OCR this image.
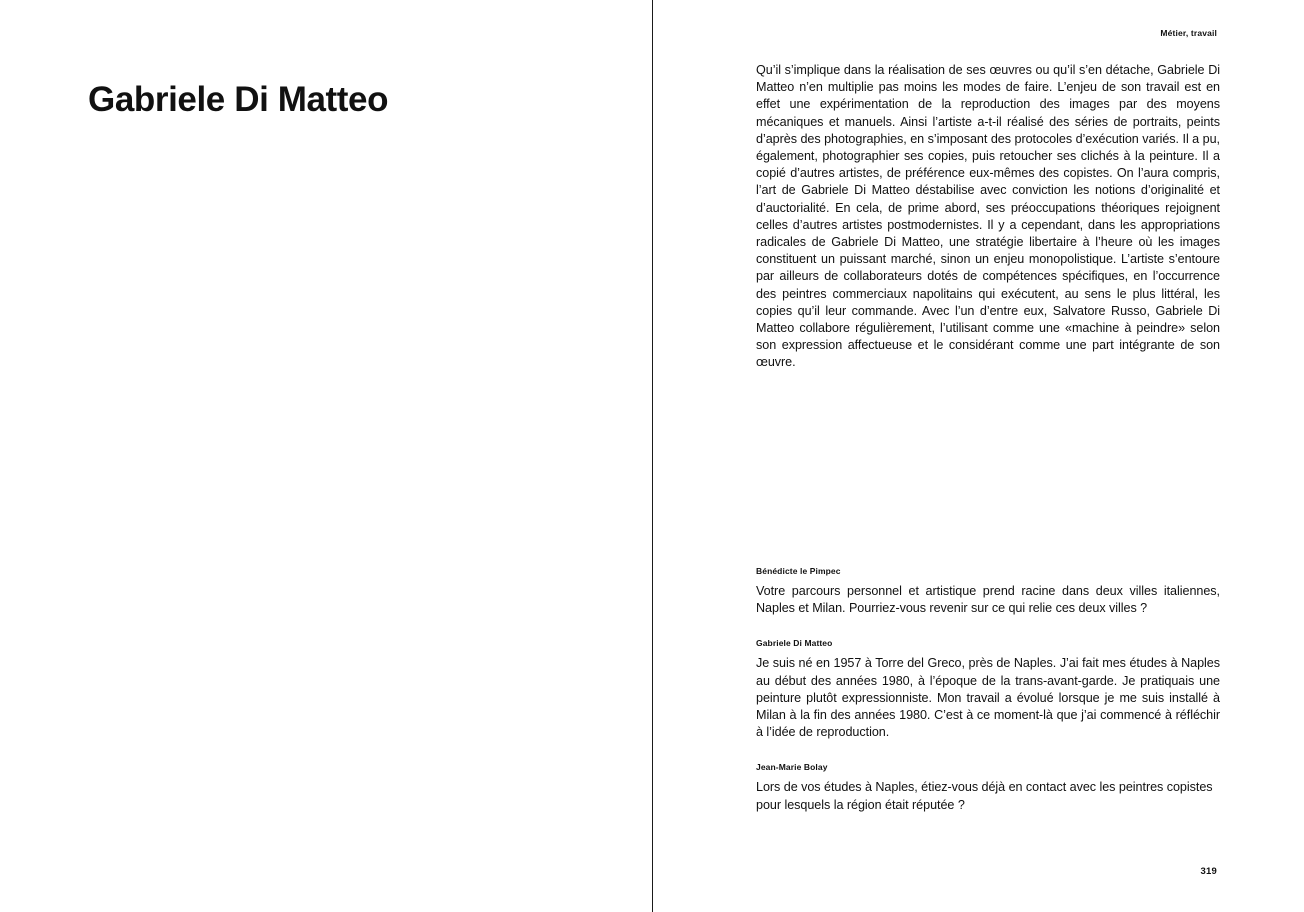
Gabriele Di Matteo
Métier, travail
Qu’il s’implique dans la réalisation de ses œuvres ou qu’il s’en détache, Gabriele Di Matteo n’en multiplie pas moins les modes de faire. L’enjeu de son travail est en effet une expérimentation de la reproduction des images par des moyens mécaniques et manuels. Ainsi l’artiste a-t-il réalisé des séries de portraits, peints d’après des photographies, en s’imposant des protocoles d’exécution variés. Il a pu, également, photographier ses copies, puis retoucher ses clichés à la peinture. Il a copié d’autres artistes, de préférence eux-mêmes des copistes. On l’aura compris, l’art de Gabriele Di Matteo déstabilise avec conviction les notions d’originalité et d’auctorialité. En cela, de prime abord, ses préoccupations théoriques rejoignent celles d’autres artistes postmodernistes. Il y a cependant, dans les appropriations radicales de Gabriele Di Matteo, une stratégie libertaire à l’heure où les images constituent un puissant marché, sinon un enjeu monopolistique. L’artiste s’entoure par ailleurs de collaborateurs dotés de compétences spécifiques, en l’occurrence des peintres commerciaux napolitains qui exécutent, au sens le plus littéral, les copies qu’il leur commande. Avec l’un d’entre eux, Salvatore Russo, Gabriele Di Matteo collabore régulièrement, l’utilisant comme une «machine à peindre» selon son expression affectueuse et le considérant comme une part intégrante de son œuvre.
Bénédicte le Pimpec
Votre parcours personnel et artistique prend racine dans deux villes italiennes, Naples et Milan. Pourriez-vous revenir sur ce qui relie ces deux villes ?
Gabriele Di Matteo
Je suis né en 1957 à Torre del Greco, près de Naples. J’ai fait mes études à Naples au début des années 1980, à l’époque de la trans-avant-garde. Je pratiquais une peinture plutôt expressionniste. Mon travail a évolué lorsque je me suis installé à Milan à la fin des années 1980. C’est à ce moment-là que j’ai commencé à réfléchir à l’idée de reproduction.
Jean-Marie Bolay
Lors de vos études à Naples, étiez-vous déjà en contact avec les peintres copistes pour lesquels la région était réputée ?
319
